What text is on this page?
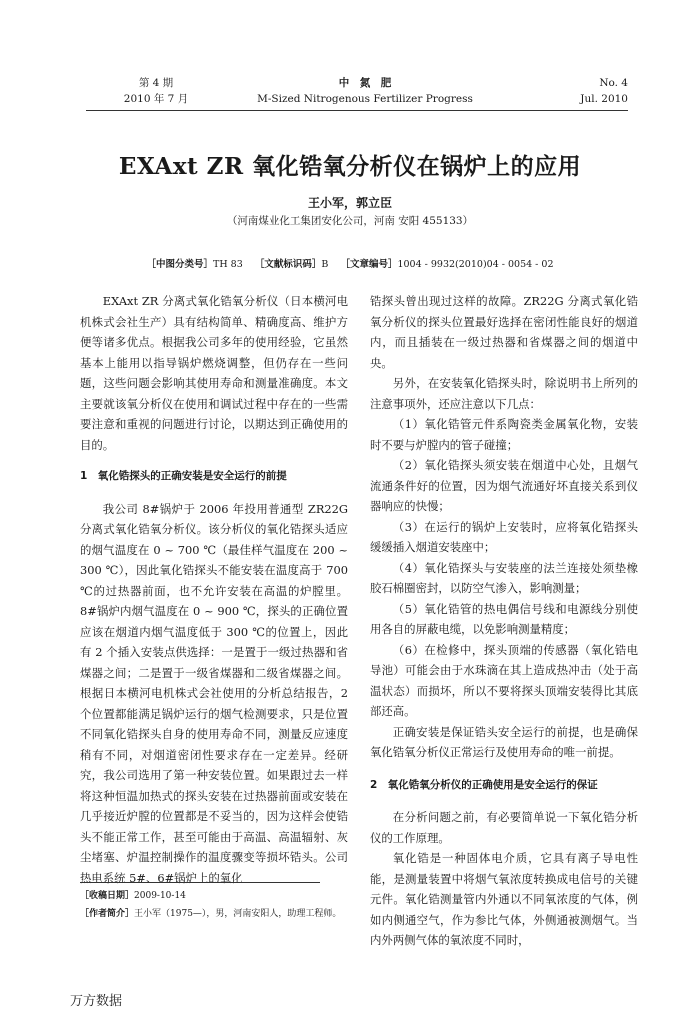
第 4 期
2010 年 7 月
中　氮　肥
M-Sized Nitrogenous Fertilizer Progress
No. 4
Jul. 2010
EXAxt ZR 氧化锆氧分析仪在锅炉上的应用
王小军，郭立臣
（河南煤业化工集团安化公司，河南 安阳 455133）
［中图分类号］TH 83 ［文献标识码］B ［文章编号］1004 - 9932(2010)04 - 0054 - 02

EXAxt ZR 分离式氧化锆氧分析仪（日本横河电机株式会社生产）具有结构简单、精确度高、维护方便等诸多优点。根据我公司多年的使用经验，它虽然基本上能用以指导锅炉燃烧调整，但仍存在一些问题，这些问题会影响其使用寿命和测量准确度。本文主要就该氧分析仪在使用和调试过程中存在的一些需要注意和重视的问题进行讨论，以期达到正确使用的目的。

1　氧化锆探头的正确安装是安全运行的前提

我公司 8#锅炉于 2006 年投用普通型 ZR22G 分离式氧化锆氧分析仪。该分析仪的氧化锆探头适应的烟气温度在 0 ~ 700 ℃（最佳样气温度在 200 ~ 300 ℃），因此氧化锆探头不能安装在温度高于 700 ℃的过热器前面，也不允许安装在高温的炉膛里。8#锅炉内烟气温度在 0 ~ 900 ℃，探头的正确位置应该在烟道内烟气温度低于 300 ℃的位置上，因此有 2 个插入安装点供选择：一是置于一级过热器和省煤器之间；二是置于一级省煤器和二级省煤器之间。根据日本横河电机株式会社使用的分析总结报告，2 个位置都能满足锅炉运行的烟气检测要求，只是位置不同氧化锆探头自身的使用寿命不同，测量反应速度稍有不同，对烟道密闭性要求存在一定差异。经研究，我公司选用了第一种安装位置。如果跟过去一样将这种恒温加热式的探头安装在过热器前面或安装在几乎接近炉膛的位置都是不妥当的，因为这样会使锆头不能正常工作，甚至可能由于高温、高温辐射、灰尘堵塞、炉温控制操作的温度骤变等损坏锆头。公司热电系统 5#、6#锅炉上的氧化

锆探头曾出现过这样的故障。ZR22G 分离式氧化锆氧分析仪的探头位置最好选择在密闭性能良好的烟道内，而且插装在一级过热器和省煤器之间的烟道中央。

另外，在安装氧化锆探头时，除说明书上所列的注意事项外，还应注意以下几点：

（1）氧化锆管元件系陶瓷类金属氧化物，安装时不要与炉膛内的管子碰撞；

（2）氧化锆探头须安装在烟道中心处，且烟气流通条件好的位置，因为烟气流通好坏直接关系到仪器响应的快慢；

（3）在运行的锅炉上安装时，应将氧化锆探头缓缓插入烟道安装座中；

（4）氧化锆探头与安装座的法兰连接处须垫橡胶石棉圈密封，以防空气渗入，影响测量；

（5）氧化锆管的热电偶信号线和电源线分别使用各自的屏蔽电缆，以免影响测量精度；

（6）在检修中，探头顶端的传感器（氧化锆电导池）可能会由于水珠滴在其上造成热冲击（处于高温状态）而损坏，所以不要将探头顶端安装得比其底部还高。

正确安装是保证锆头安全运行的前提，也是确保氧化锆氧分析仪正常运行及使用寿命的唯一前提。

2　氧化锆氧分析仪的正确使用是安全运行的保证

在分析问题之前，有必要简单说一下氧化锆分析仪的工作原理。

氧化锆是一种固体电介质，它具有离子导电性能，是测量装置中将烟气氧浓度转换成电信号的关键元件。氧化锆测量管内外通以不同氧浓度的气体，例如内侧通空气，作为参比气体，外侧通被测烟气。当内外两侧气体的氧浓度不同时，

［收稿日期］2009-10-14
［作者简介］王小军（1975—），男，河南安阳人，助理工程师。
万方数据
